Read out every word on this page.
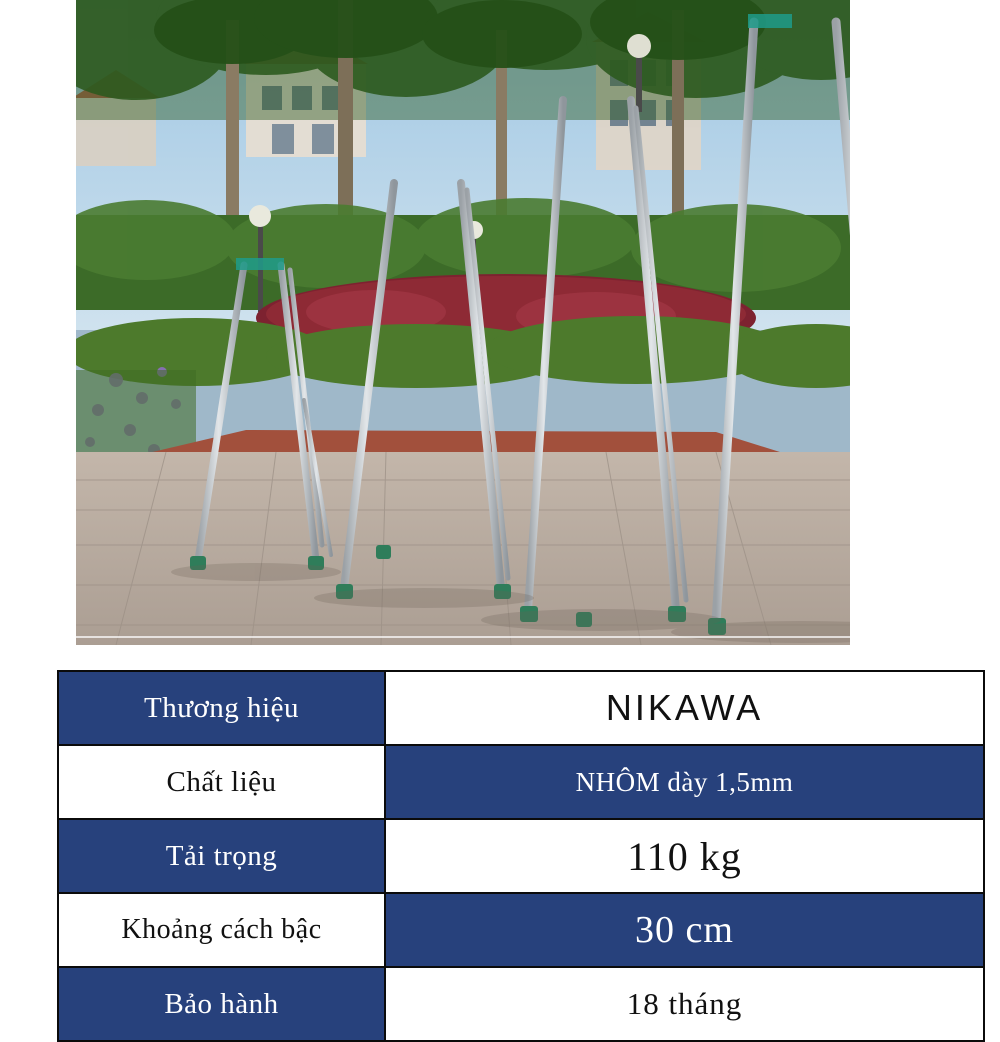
Thương hiệu	NIKAWA
Chất liệu	NHÔM dày 1,5mm
Tải trọng	110 kg
Khoảng cách bậc	30 cm
Bảo hành	18 tháng
